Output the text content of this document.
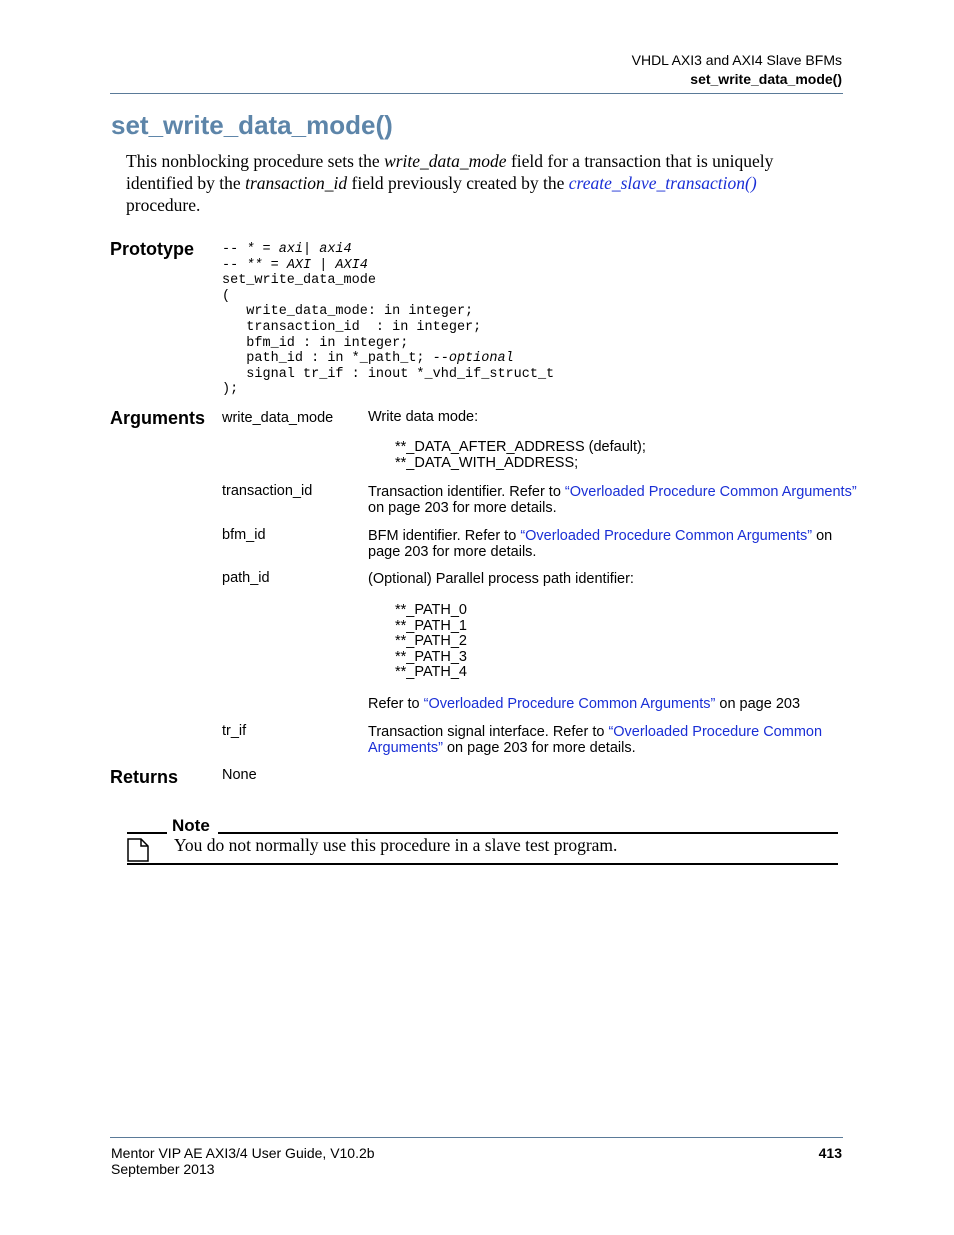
VHDL AXI3 and AXI4 Slave BFMs
set_write_data_mode()
set_write_data_mode()
This nonblocking procedure sets the write_data_mode field for a transaction that is uniquely identified by the transaction_id field previously created by the create_slave_transaction()
procedure.
Prototype -- * = axi| axi4
-- ** = AXI | AXI4
set_write_data_mode
(
write_data_mode: in integer;
transaction_id  : in integer;
bfm_id : in integer;
path_id : in *_path_t; --optional
signal tr_if : inout *_vhd_if_struct_t
);
Arguments write_data_mode Write data mode:
**_DATA_AFTER_ADDRESS (default);
**_DATA_WITH_ADDRESS;
transaction_id	Transaction identifier. Refer to “Overloaded Procedure Common Arguments” on page 203 for more details.
bfm_id	BFM identifier. Refer to “Overloaded Procedure Common Arguments” on page 203 for more details.
path_id	(Optional) Parallel process path identifier:
**_PATH_0
**_PATH_1
**_PATH_2
**_PATH_3
**_PATH_4
Refer to “Overloaded Procedure Common Arguments” on page 203
tr_if	Transaction signal interface. Refer to “Overloaded Procedure Common Arguments” on page 203 for more details.
Returns	None
Note
You do not normally use this procedure in a slave test program.
Mentor VIP AE AXI3/4 User Guide, V10.2b
September 2013
413
